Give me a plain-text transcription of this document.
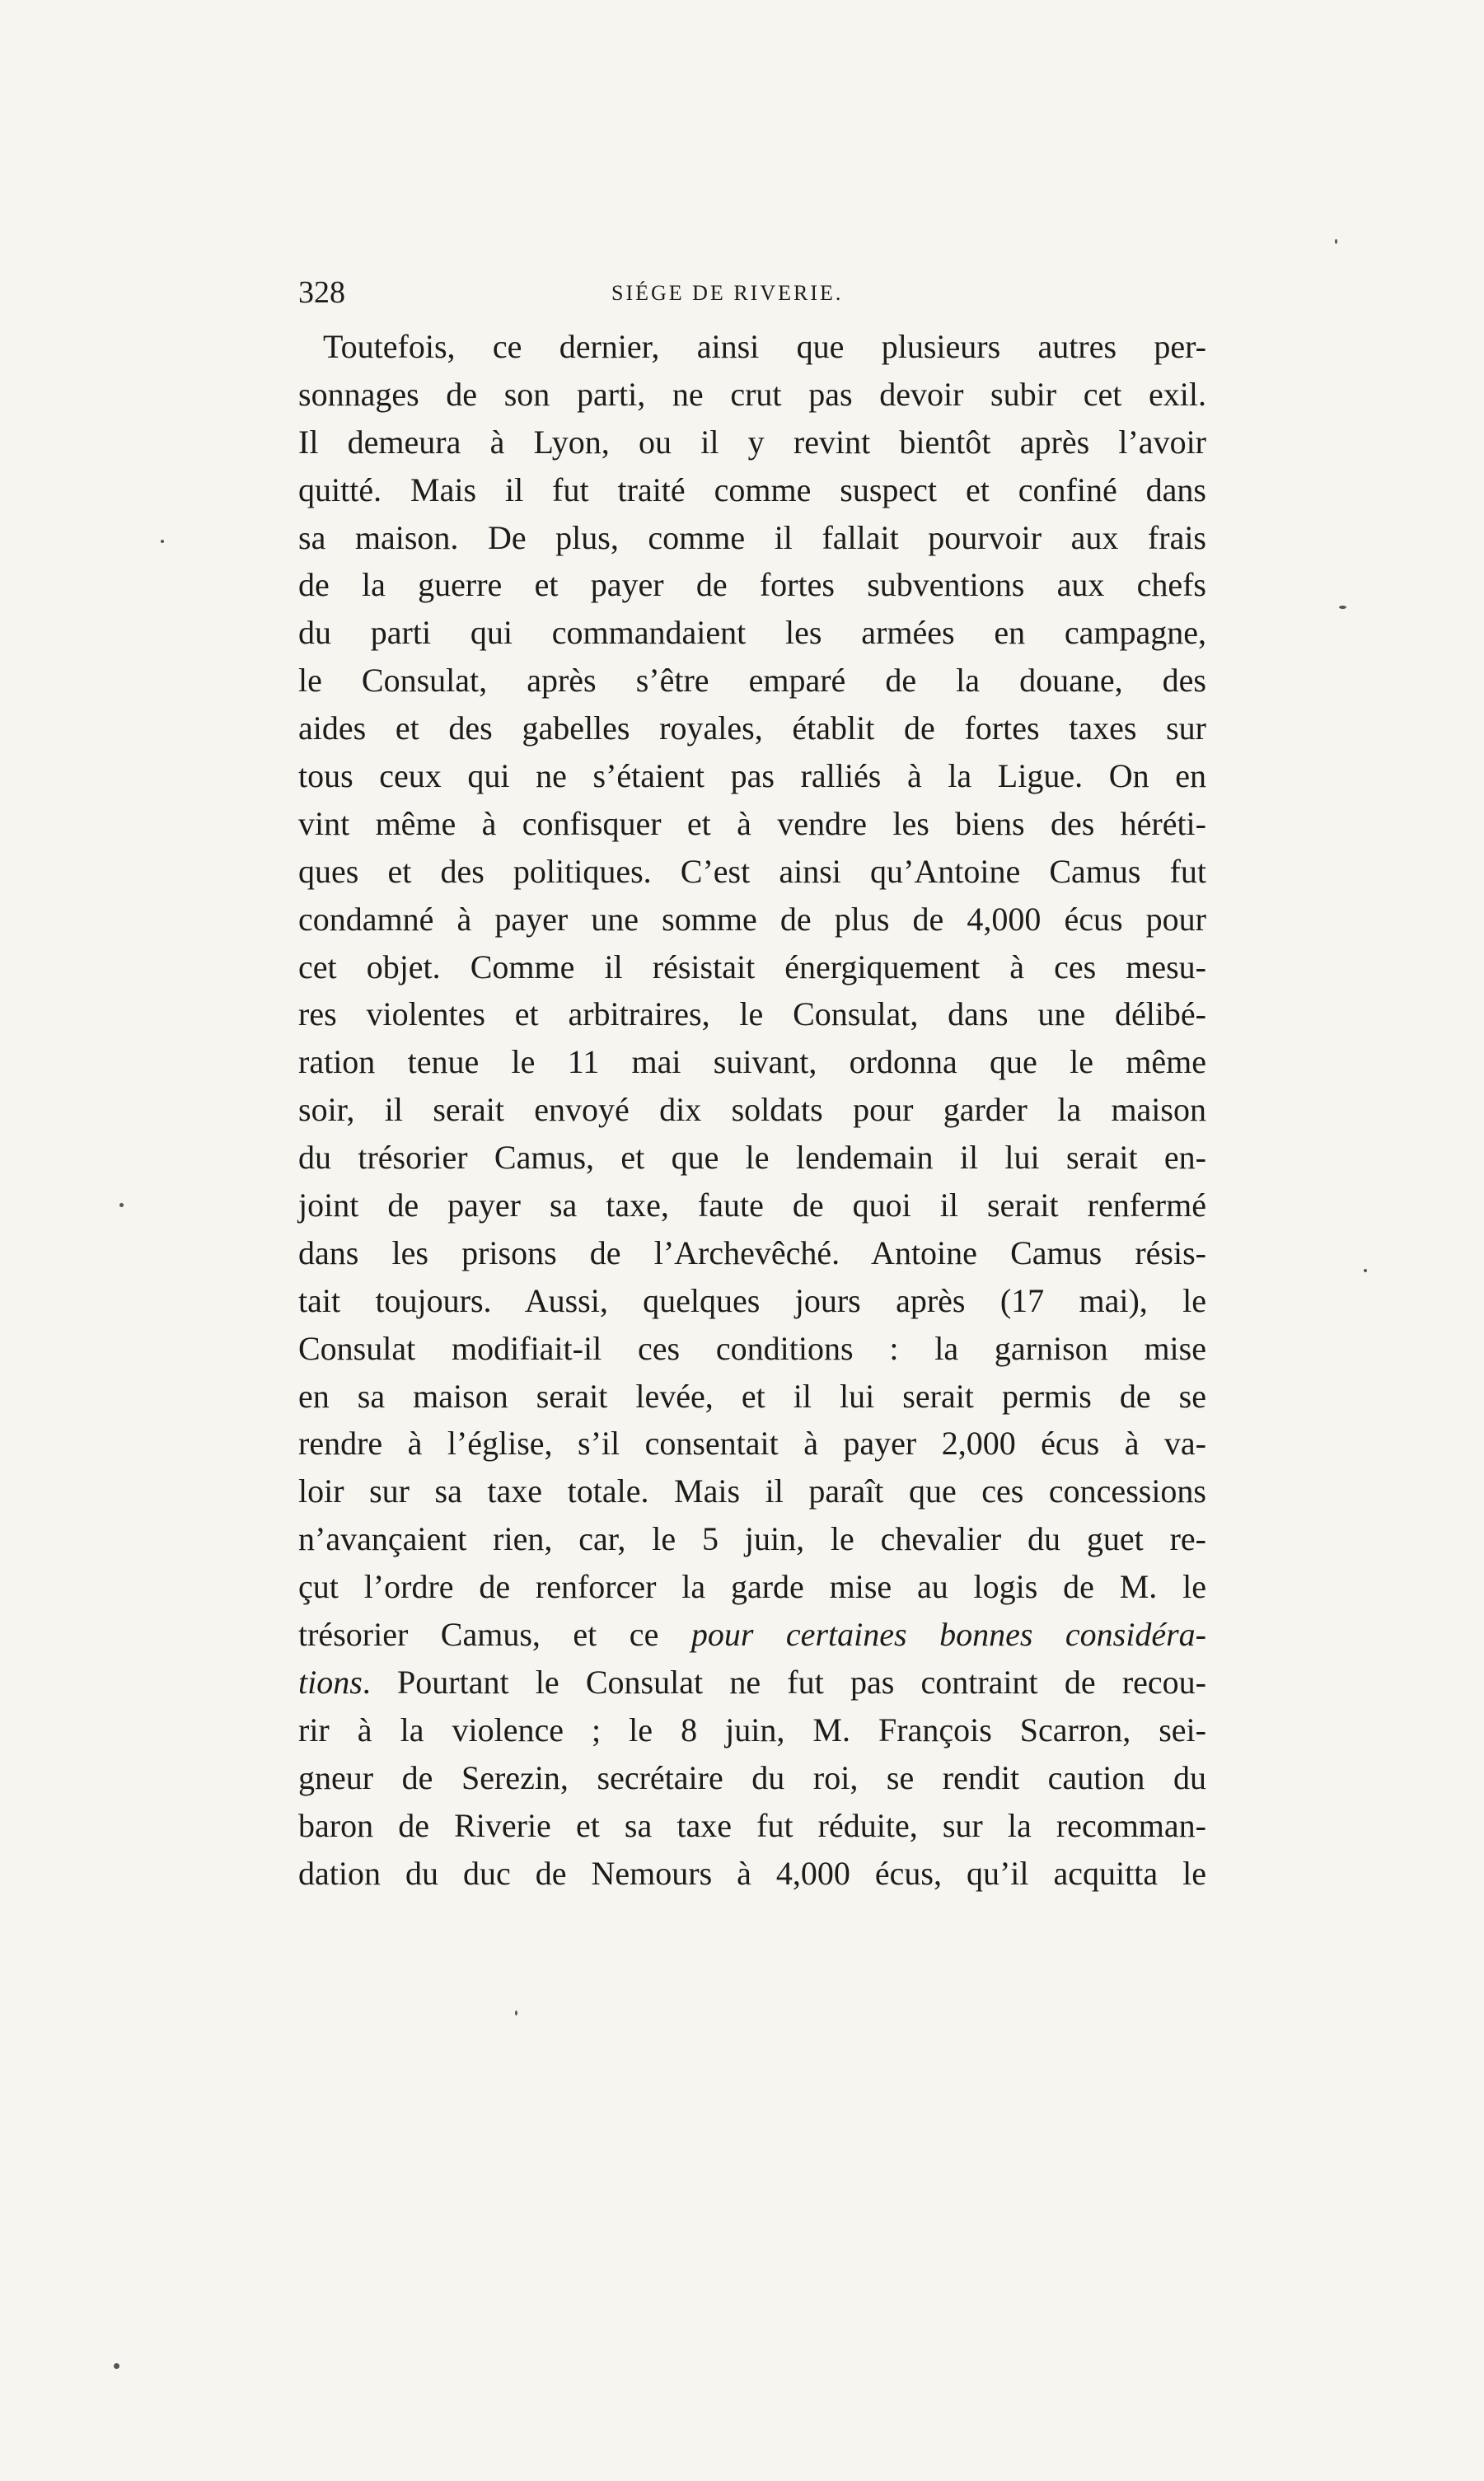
328	SIÉGE DE RIVERIE.
Toutefois, ce dernier, ainsi que plusieurs autres per-
sonnages de son parti, ne crut pas devoir subir cet exil.
Il demeura à Lyon, ou il y revint bientôt après l’avoir
quitté. Mais il fut traité comme suspect et confiné dans
sa maison. De plus, comme il fallait pourvoir aux frais
de la guerre et payer de fortes subventions aux chefs
du parti qui commandaient les armées en campagne,
le Consulat, après s’être emparé de la douane, des
aides et des gabelles royales, établit de fortes taxes sur
tous ceux qui ne s’étaient pas ralliés à la Ligue. On en
vint même à confisquer et à vendre les biens des héréti-
ques et des politiques. C’est ainsi qu’Antoine Camus fut
condamné à payer une somme de plus de 4,000 écus pour
cet objet. Comme il résistait énergiquement à ces mesu-
res violentes et arbitraires, le Consulat, dans une délibé-
ration tenue le 11 mai suivant, ordonna que le même
soir, il serait envoyé dix soldats pour garder la maison
du trésorier Camus, et que le lendemain il lui serait en-
joint de payer sa taxe, faute de quoi il serait renfermé
dans les prisons de l’Archevêché. Antoine Camus résis-
tait toujours. Aussi, quelques jours après (17 mai), le
Consulat modifiait-il ces conditions : la garnison mise
en sa maison serait levée, et il lui serait permis de se
rendre à l’église, s’il consentait à payer 2,000 écus à va-
loir sur sa taxe totale. Mais il paraît que ces concessions
n’avançaient rien, car, le 5 juin, le chevalier du guet re-
çut l’ordre de renforcer la garde mise au logis de M. le
trésorier Camus, et ce pour certaines bonnes considéra-
tions. Pourtant le Consulat ne fut pas contraint de recou-
rir à la violence ; le 8 juin, M. François Scarron, sei-
gneur de Serezin, secrétaire du roi, se rendit caution du
baron de Riverie et sa taxe fut réduite, sur la recomman-
dation du duc de Nemours à 4,000 écus, qu’il acquitta le
